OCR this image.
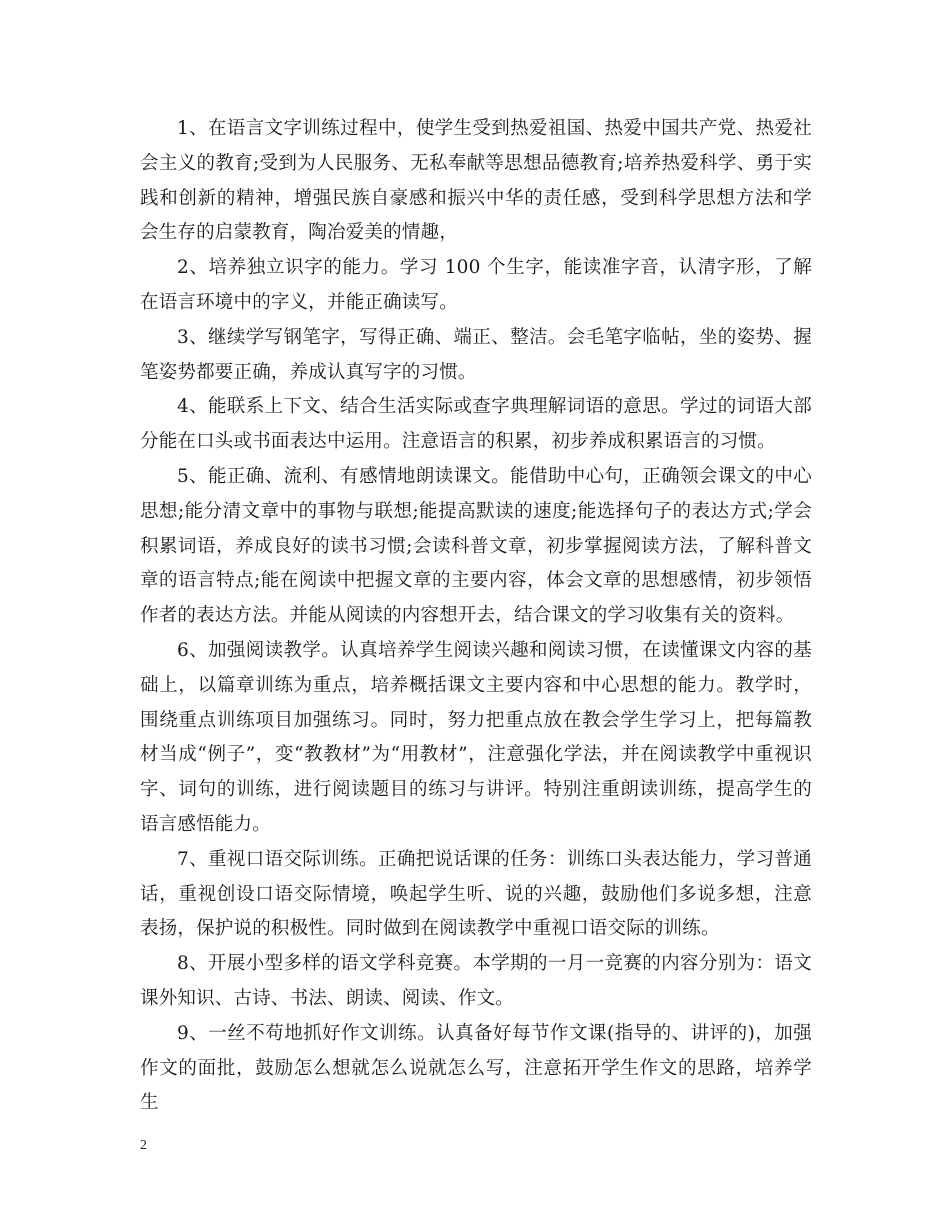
1、在语言文字训练过程中，使学生受到热爱祖国、热爱中国共产党、热爱社会主义的教育;受到为人民服务、无私奉献等思想品德教育;培养热爱科学、勇于实践和创新的精神，增强民族自豪感和振兴中华的责任感，受到科学思想方法和学会生存的启蒙教育，陶冶爱美的情趣，

2、培养独立识字的能力。学习 100 个生字，能读准字音，认清字形，了解在语言环境中的字义，并能正确读写。

3、继续学写钢笔字，写得正确、端正、整洁。会毛笔字临帖，坐的姿势、握笔姿势都要正确，养成认真写字的习惯。

4、能联系上下文、结合生活实际或查字典理解词语的意思。学过的词语大部分能在口头或书面表达中运用。注意语言的积累，初步养成积累语言的习惯。

5、能正确、流利、有感情地朗读课文。能借助中心句，正确领会课文的中心思想;能分清文章中的事物与联想;能提高默读的速度;能选择句子的表达方式;学会积累词语，养成良好的读书习惯;会读科普文章，初步掌握阅读方法，了解科普文章的语言特点;能在阅读中把握文章的主要内容，体会文章的思想感情，初步领悟作者的表达方法。并能从阅读的内容想开去，结合课文的学习收集有关的资料。

6、加强阅读教学。认真培养学生阅读兴趣和阅读习惯，在读懂课文内容的基础上，以篇章训练为重点，培养概括课文主要内容和中心思想的能力。教学时，围绕重点训练项目加强练习。同时，努力把重点放在教会学生学习上，把每篇教材当成“例子”，变“教教材”为“用教材”，注意强化学法，并在阅读教学中重视识字、词句的训练，进行阅读题目的练习与讲评。特别注重朗读训练，提高学生的语言感悟能力。

7、重视口语交际训练。正确把说话课的任务：训练口头表达能力，学习普通话，重视创设口语交际情境，唤起学生听、说的兴趣，鼓励他们多说多想，注意表扬，保护说的积极性。同时做到在阅读教学中重视口语交际的训练。

8、开展小型多样的语文学科竞赛。本学期的一月一竞赛的内容分别为：语文课外知识、古诗、书法、朗读、阅读、作文。

9、一丝不苟地抓好作文训练。认真备好每节作文课(指导的、讲评的)，加强作文的面批，鼓励怎么想就怎么说就怎么写，注意拓开学生作文的思路，培养学生

2
